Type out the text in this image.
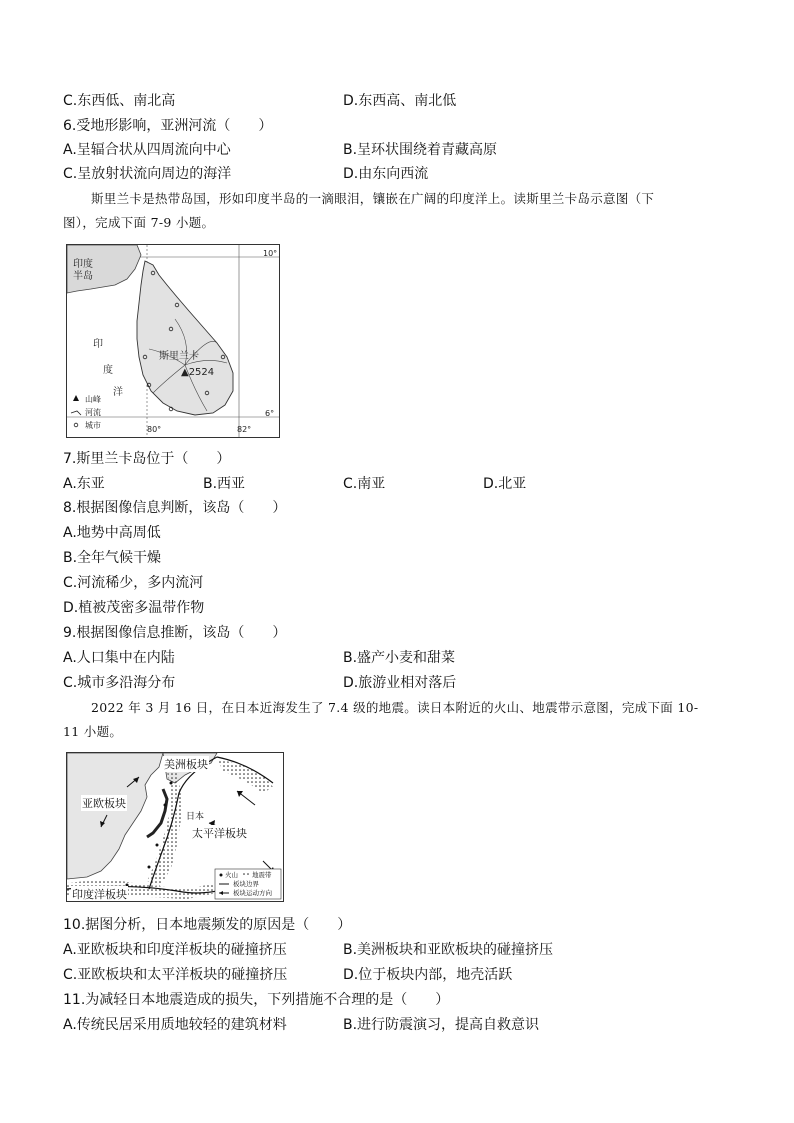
C.东西低、南北高	D.东西高、南北低
6.受地形影响，亚洲河流（　　）
A.呈辐合状从四周流向中心	B.呈环状围绕着青藏高原
C.呈放射状流向周边的海洋	D.由东向西流
斯里兰卡是热带岛国，形如印度半岛的一滴眼泪，镶嵌在广阔的印度洋上。读斯里兰卡岛示意图（下
图），完成下面 7-9 小题。
印度半岛
印
度
洋
斯里兰卡
▲2524
10°
6°
80°	82°
山峰
河流
城市
7.斯里兰卡岛位于（　　）
A.东亚	B.西亚	C.南亚	D.北亚
8.根据图像信息判断，该岛（　　）
A.地势中高周低
B.全年气候干燥
C.河流稀少，多内流河
D.植被茂密多温带作物
9.根据图像信息推断，该岛（　　）
A.人口集中在内陆	B.盛产小麦和甜菜
C.城市多沿海分布	D.旅游业相对落后
2022 年 3 月 16 日，在日本近海发生了 7.4 级的地震。读日本附近的火山、地震带示意图，完成下面 10-
11 小题。
美洲板块
亚欧板块
日本
太平洋板块
印度洋板块
火山 地震带
板块边界
板块运动方向
10.据图分析，日本地震频发的原因是（　　）
A.亚欧板块和印度洋板块的碰撞挤压	B.美洲板块和亚欧板块的碰撞挤压
C.亚欧板块和太平洋板块的碰撞挤压	D.位于板块内部，地壳活跃
11.为减轻日本地震造成的损失，下列措施不合理的是（　　）
A.传统民居采用质地较轻的建筑材料	B.进行防震演习，提高自救意识
